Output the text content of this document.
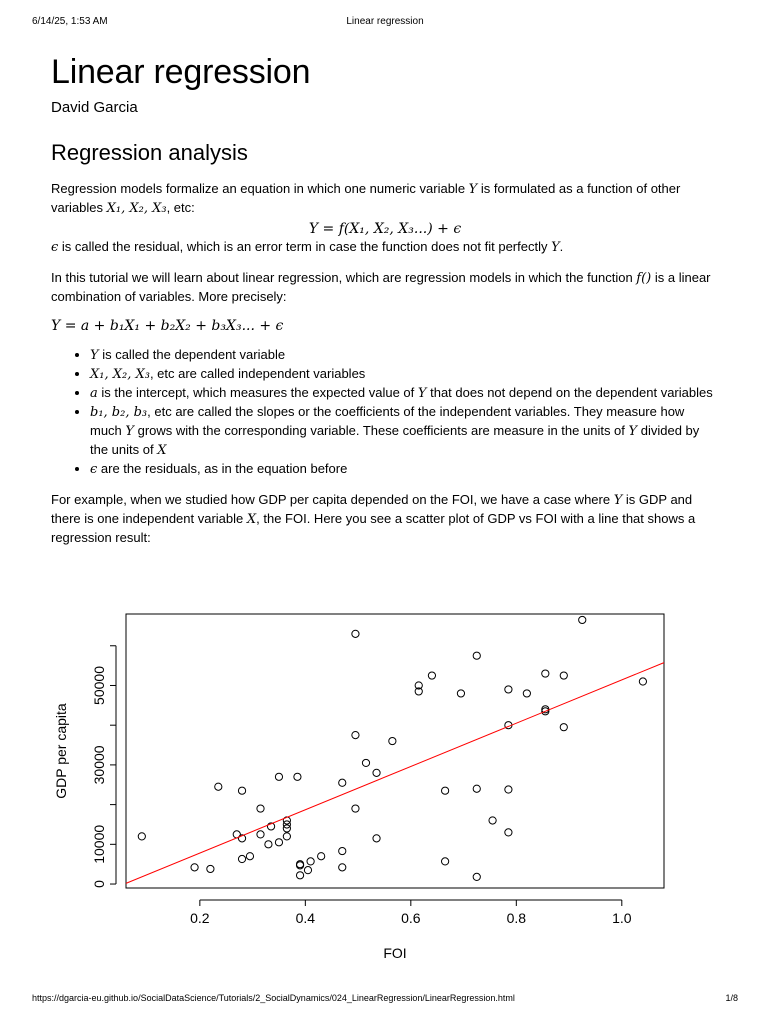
6/14/25, 1:53 AM	Linear regression
Linear regression
David Garcia
Regression analysis

Regression models formalize an equation in which one numeric variable Y is formulated as a function of other variables X₁, X₂, X₃, etc:

Y = f(X₁, X₂, X₃...) + ϵ

ϵ is called the residual, which is an error term in case the function does not fit perfectly Y.

In this tutorial we will learn about linear regression, which are regression models in which the function f() is a linear combination of variables. More precisely:

Y = a + b₁X₁ + b₂X₂ + b₃X₃... + ϵ
• Y is called the dependent variable
• X₁, X₂, X₃, etc are called independent variables
• a is the intercept, which measures the expected value of Y that does not depend on the dependent variables
• b₁, b₂, b₃, etc are called the slopes or the coefficients of the independent variables. They measure how much Y grows with the corresponding variable. These coefficients are measure in the units of Y divided by the units of X
• ϵ are the residuals, as in the equation before

For example, when we studied how GDP per capita depended on the FOI, we have a case where Y is GDP and there is one independent variable X, the FOI. Here you see a scatter plot of GDP vs FOI with a line that shows a regression result:

0.2	0.4	0.6	0.8	1.0
0
10000
30000
50000
FOI
GDP per capita
https://dgarcia-eu.github.io/SocialDataScience/Tutorials/2_SocialDynamics/024_LinearRegression/LinearRegression.html	1/8
